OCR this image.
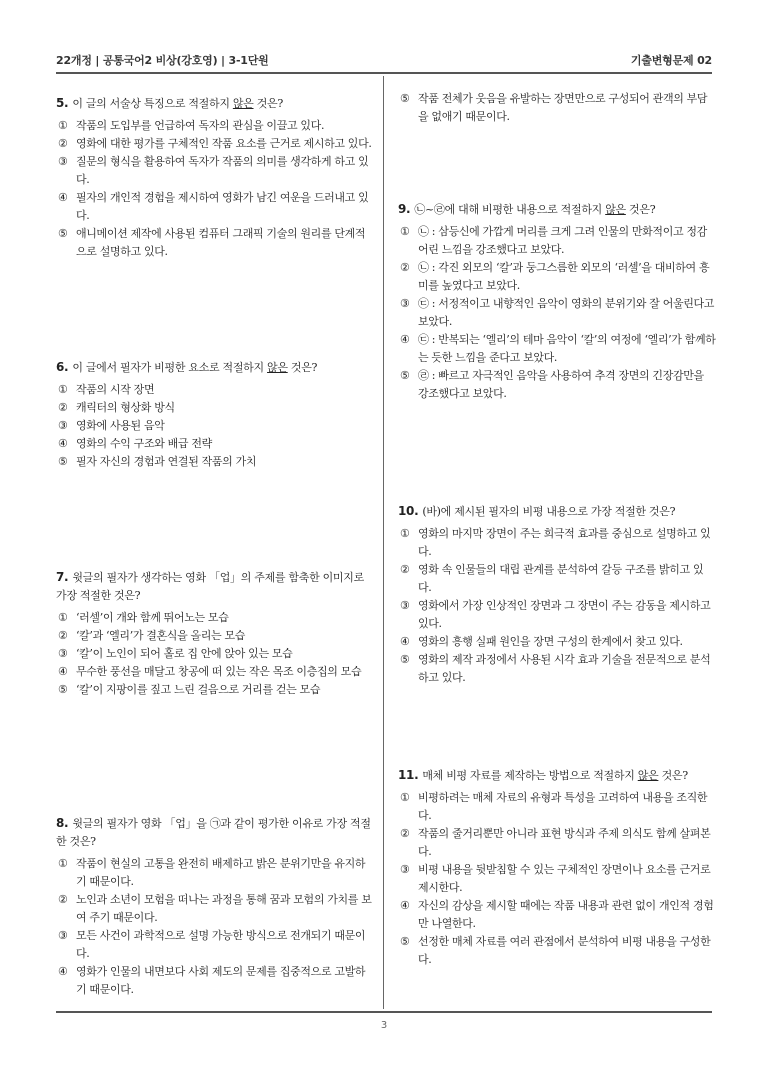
22개정 | 공통국어2 비상(강호영) | 3-1단원	기출변형문제 02

5. 이 글의 서술상 특징으로 적절하지 않은 것은?

① 작품의 도입부를 언급하여 독자의 관심을 이끌고 있다.

② 영화에 대한 평가를 구체적인 작품 요소를 근거로 제시하고 있다.

③ 질문의 형식을 활용하여 독자가 작품의 의미를 생각하게 하고 있다.

④ 필자의 개인적 경험을 제시하여 영화가 남긴 여운을 드러내고 있다.

⑤ 애니메이션 제작에 사용된 컴퓨터 그래픽 기술의 원리를 단계적으로 설명하고 있다.

6. 이 글에서 필자가 비평한 요소로 적절하지 않은 것은?

① 작품의 시작 장면

② 캐릭터의 형상화 방식

③ 영화에 사용된 음악

④ 영화의 수익 구조와 배급 전략

⑤ 필자 자신의 경험과 연결된 작품의 가치

7. 윗글의 필자가 생각하는 영화 「업」의 주제를 함축한 이미지로 가장 적절한 것은?

① ‘러셀’이 개와 함께 뛰어노는 모습

② ‘칼’과 ‘엘리’가 결혼식을 올리는 모습

③ ‘칼’이 노인이 되어 홀로 집 안에 앉아 있는 모습

④ 무수한 풍선을 매달고 창공에 떠 있는 작은 목조 이층집의 모습

⑤ ‘칼’이 지팡이를 짚고 느린 걸음으로 거리를 걷는 모습

8. 윗글의 필자가 영화 「업」을 ㉠과 같이 평가한 이유로 가장 적절한 것은?

① 작품이 현실의 고통을 완전히 배제하고 밝은 분위기만을 유지하기 때문이다.

② 노인과 소년이 모험을 떠나는 과정을 통해 꿈과 모험의 가치를 보여 주기 때문이다.

③ 모든 사건이 과학적으로 설명 가능한 방식으로 전개되기 때문이다.

④ 영화가 인물의 내면보다 사회 제도의 문제를 집중적으로 고발하기 때문이다.

⑤ 작품 전체가 웃음을 유발하는 장면만으로 구성되어 관객의 부담을 없애기 때문이다.

9. ㉡~㉣에 대해 비평한 내용으로 적절하지 않은 것은?

① ㉡ : 삼등신에 가깝게 머리를 크게 그려 인물의 만화적이고 정감 어린 느낌을 강조했다고 보았다.

② ㉡ : 각진 외모의 ‘칼’과 둥그스름한 외모의 ‘러셀’을 대비하여 흥미를 높였다고 보았다.

③ ㉢ : 서정적이고 내향적인 음악이 영화의 분위기와 잘 어울린다고 보았다.

④ ㉢ : 반복되는 ‘엘리’의 테마 음악이 ‘칼’의 여정에 ‘엘리’가 함께하는 듯한 느낌을 준다고 보았다.

⑤ ㉣ : 빠르고 자극적인 음악을 사용하여 추격 장면의 긴장감만을 강조했다고 보았다.

10. (바)에 제시된 필자의 비평 내용으로 가장 적절한 것은?

① 영화의 마지막 장면이 주는 희극적 효과를 중심으로 설명하고 있다.

② 영화 속 인물들의 대립 관계를 분석하여 갈등 구조를 밝히고 있다.

③ 영화에서 가장 인상적인 장면과 그 장면이 주는 감동을 제시하고 있다.

④ 영화의 흥행 실패 원인을 장면 구성의 한계에서 찾고 있다.

⑤ 영화의 제작 과정에서 사용된 시각 효과 기술을 전문적으로 분석하고 있다.

11. 매체 비평 자료를 제작하는 방법으로 적절하지 않은 것은?

① 비평하려는 매체 자료의 유형과 특성을 고려하여 내용을 조직한다.

② 작품의 줄거리뿐만 아니라 표현 방식과 주제 의식도 함께 살펴본다.

③ 비평 내용을 뒷받침할 수 있는 구체적인 장면이나 요소를 근거로 제시한다.

④ 자신의 감상을 제시할 때에는 작품 내용과 관련 없이 개인적 경험만 나열한다.

⑤ 선정한 매체 자료를 여러 관점에서 분석하여 비평 내용을 구성한다.

3
